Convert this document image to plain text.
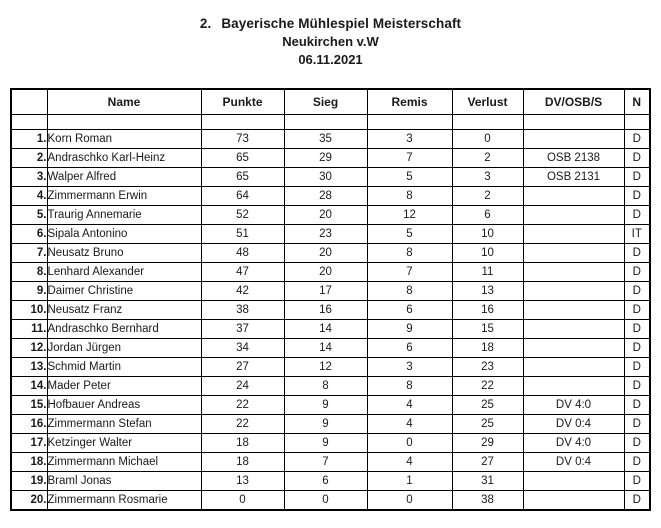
2. Bayerische Mühlespiel Meisterschaft
Neukirchen v.W
06.11.2021
	Name	Punkte	Sieg	Remis	Verlust	DV/OSB/S	N

1.	Korn Roman	73	35	3	0		D
2.	Andraschko Karl-Heinz	65	29	7	2	OSB 2138	D
3.	Walper Alfred	65	30	5	3	OSB 2131	D
4.	Zimmermann Erwin	64	28	8	2		D
5.	Traurig Annemarie	52	20	12	6		D
6.	Sipala Antonino	51	23	5	10		IT
7.	Neusatz Bruno	48	20	8	10		D
8.	Lenhard Alexander	47	20	7	11		D
9.	Daimer Christine	42	17	8	13		D
10.	Neusatz Franz	38	16	6	16		D
11.	Andraschko Bernhard	37	14	9	15		D
12.	Jordan Jürgen	34	14	6	18		D
13.	Schmid Martin	27	12	3	23		D
14.	Mader Peter	24	8	8	22		D
15.	Hofbauer Andreas	22	9	4	25	DV 4:0	D
16.	Zimmermann Stefan	22	9	4	25	DV 0:4	D
17.	Ketzinger Walter	18	9	0	29	DV 4:0	D
18.	Zimmermann Michael	18	7	4	27	DV 0:4	D
19.	Braml Jonas	13	6	1	31		D
20.	Zimmermann Rosmarie	0	0	0	38		D
